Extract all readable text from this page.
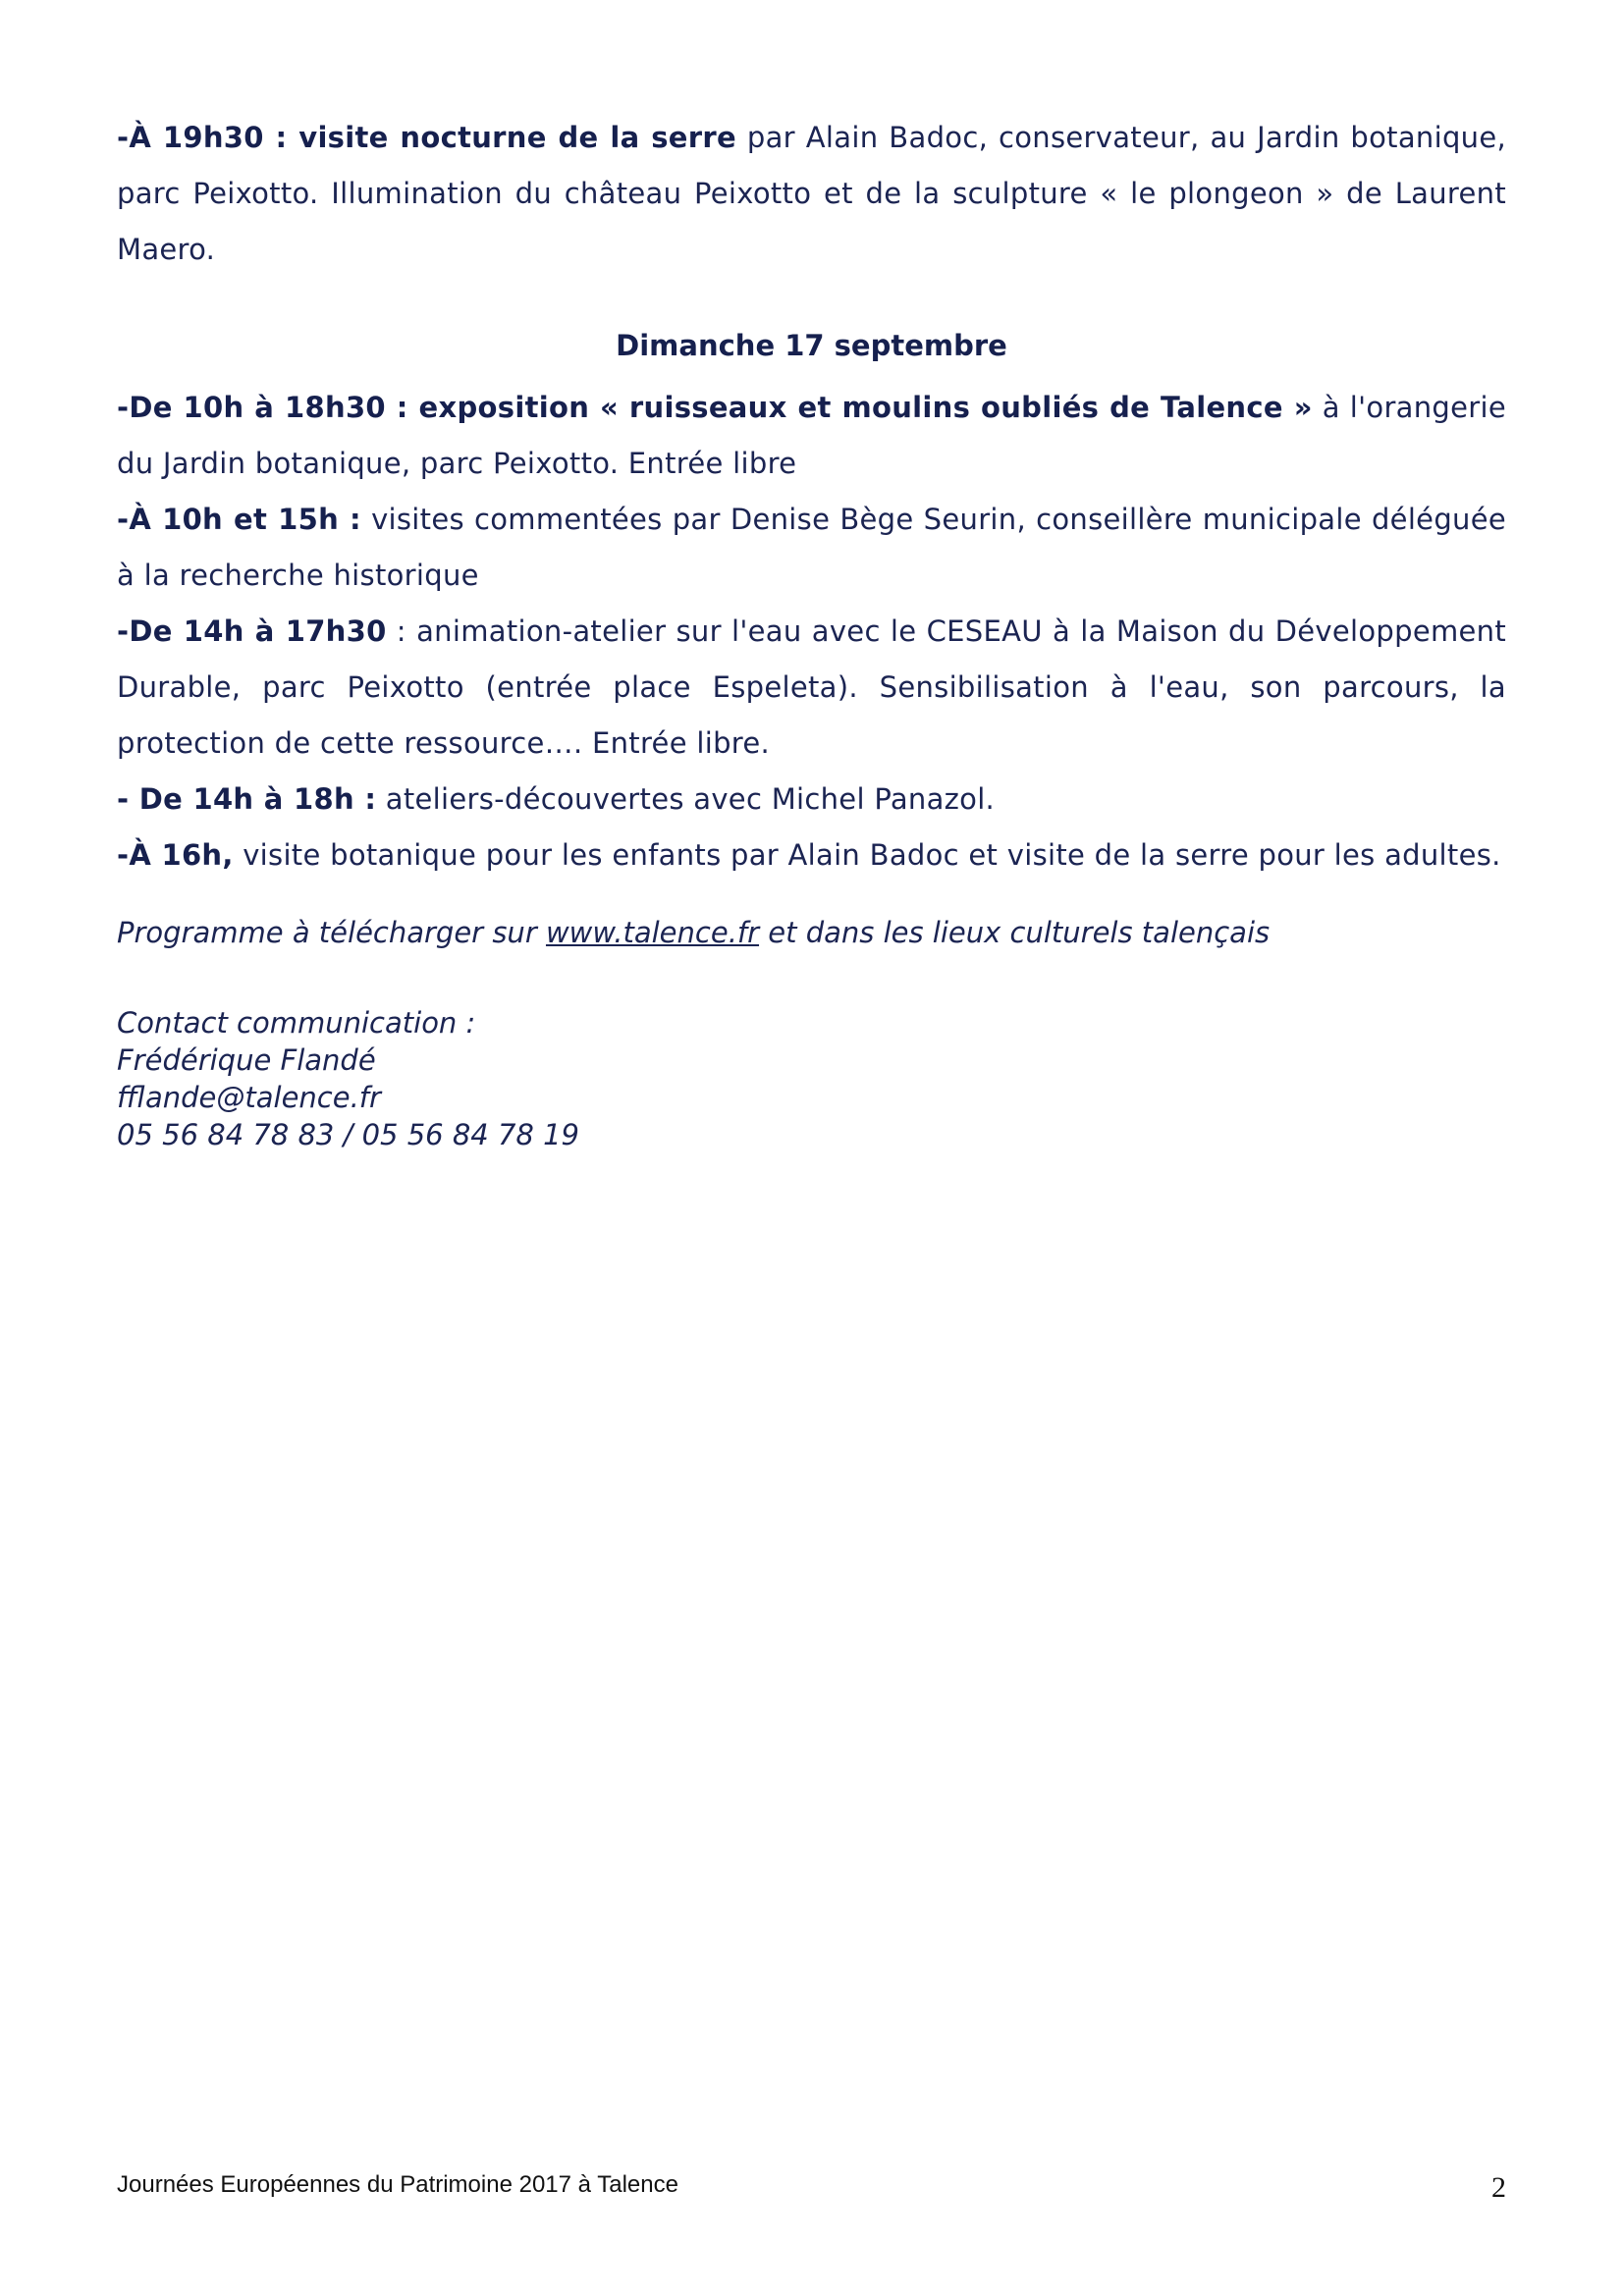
-À 19h30 : visite nocturne de la serre par Alain Badoc, conservateur, au Jardin botanique, parc Peixotto. Illumination du château Peixotto et de la sculpture « le plongeon » de Laurent Maero.

Dimanche 17 septembre

-De 10h à 18h30 : exposition « ruisseaux et moulins oubliés de Talence » à l'orangerie du Jardin botanique, parc Peixotto. Entrée libre

-À 10h et 15h : visites commentées par Denise Bège Seurin, conseillère municipale déléguée à la recherche historique

-De 14h à 17h30 : animation-atelier sur l'eau avec le CESEAU à la Maison du Développement Durable, parc Peixotto (entrée place Espeleta). Sensibilisation à l'eau, son parcours, la protection de cette ressource…. Entrée libre.

- De 14h à 18h : ateliers-découvertes avec Michel Panazol.

-À 16h, visite botanique pour les enfants par Alain Badoc et visite de la serre pour les adultes.

Programme à télécharger sur www.talence.fr et dans les lieux culturels talençais

Contact communication :

Frédérique Flandé

fflande@talence.fr

05 56 84 78 83 / 05 56 84 78 19

Journées Européennes du Patrimoine 2017 à Talence	2
